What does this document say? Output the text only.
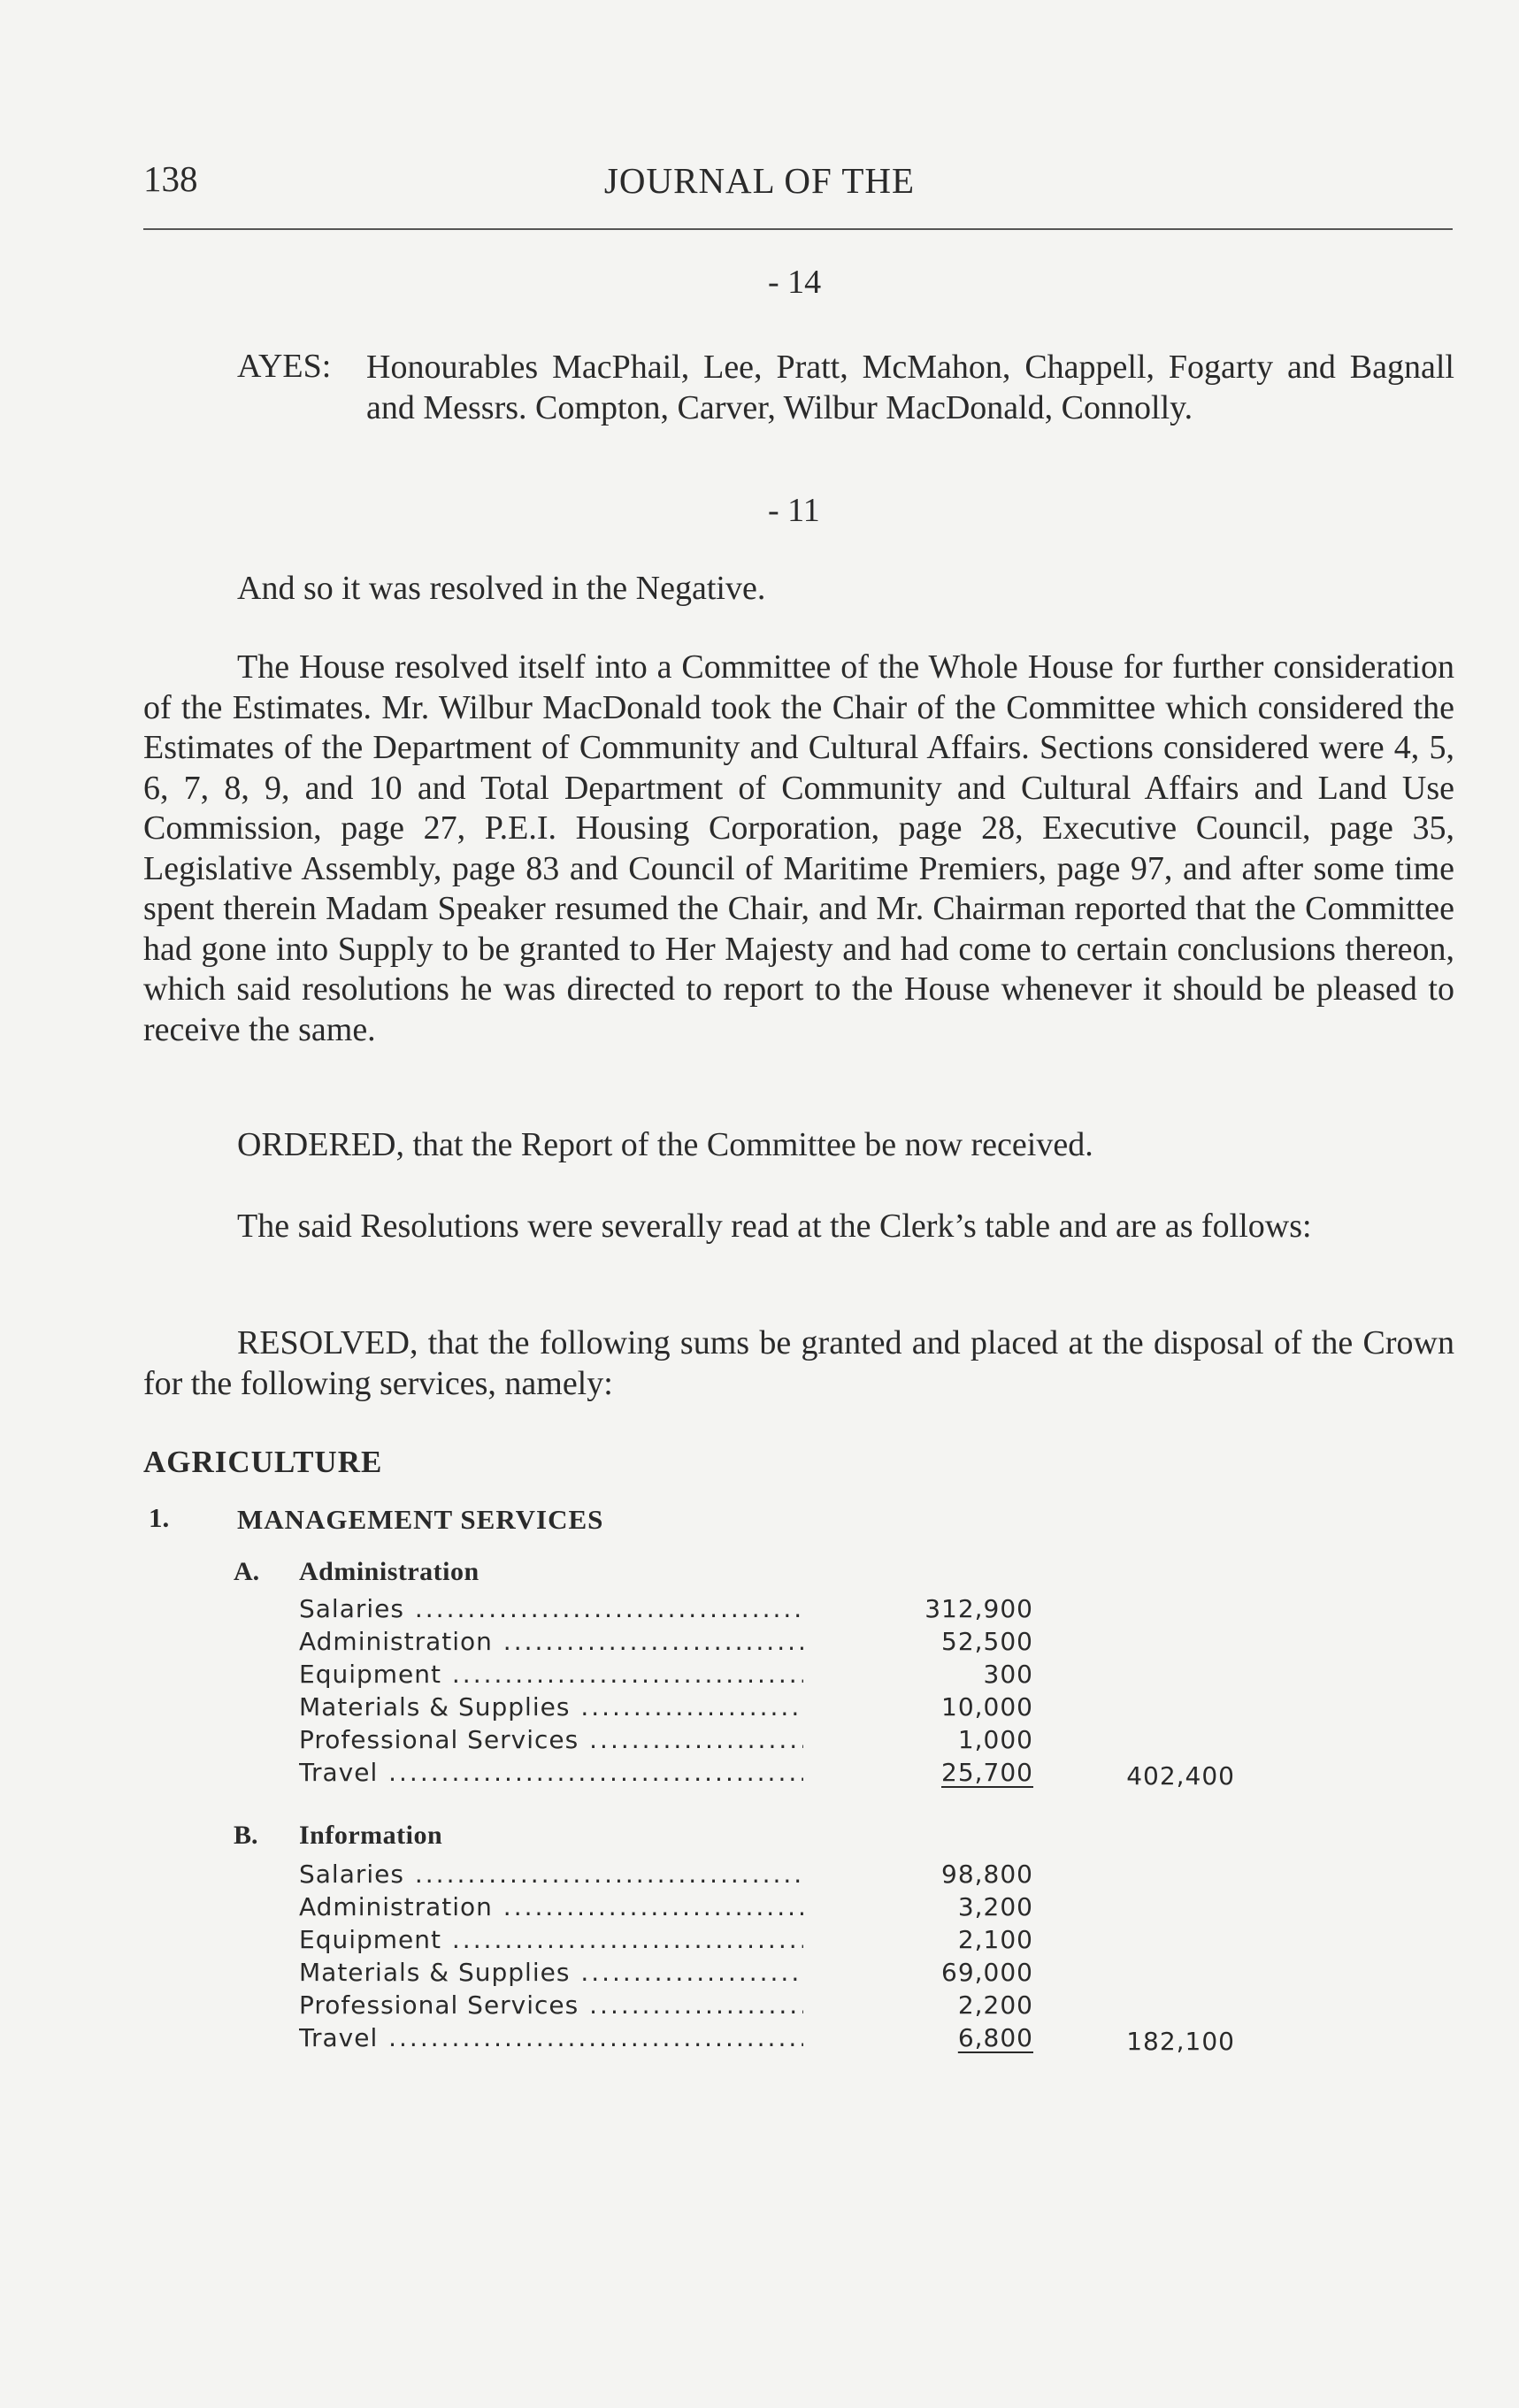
138	JOURNAL OF THE
- 14
AYES: Honourables MacPhail, Lee, Pratt, McMahon, Chappell, Fogarty and Bagnall and Messrs. Compton, Carver, Wilbur MacDonald, Connolly.
- 11
And so it was resolved in the Negative.
The House resolved itself into a Committee of the Whole House for further consideration of the Estimates. Mr. Wilbur MacDonald took the Chair of the Committee which considered the Estimates of the Department of Community and Cultural Affairs. Sections considered were 4, 5, 6, 7, 8, 9, and 10 and Total Department of Community and Cultural Affairs and Land Use Commission, page 27, P.E.I. Housing Corporation, page 28, Executive Council, page 35, Legislative Assembly, page 83 and Council of Maritime Premiers, page 97, and after some time spent therein Madam Speaker resumed the Chair, and Mr. Chairman reported that the Committee had gone into Supply to be granted to Her Majesty and had come to certain conclusions thereon, which said resolutions he was directed to report to the House whenever it should be pleased to receive the same.
ORDERED, that the Report of the Committee be now received.
The said Resolutions were severally read at the Clerk’s table and are as follows:
RESOLVED, that the following sums be granted and placed at the disposal of the Crown for the following services, namely:
AGRICULTURE
1. MANAGEMENT SERVICES
A. Administration
Salaries .....	312,900
Administration .....	52,500
Equipment .....	300
Materials & Supplies .....	10,000
Professional Services .....	1,000
Travel .....	25,700	402,400
B. Information
Salaries .....	98,800
Administration .....	3,200
Equipment .....	2,100
Materials & Supplies .....	69,000
Professional Services .....	2,200
Travel .....	6,800	182,100
